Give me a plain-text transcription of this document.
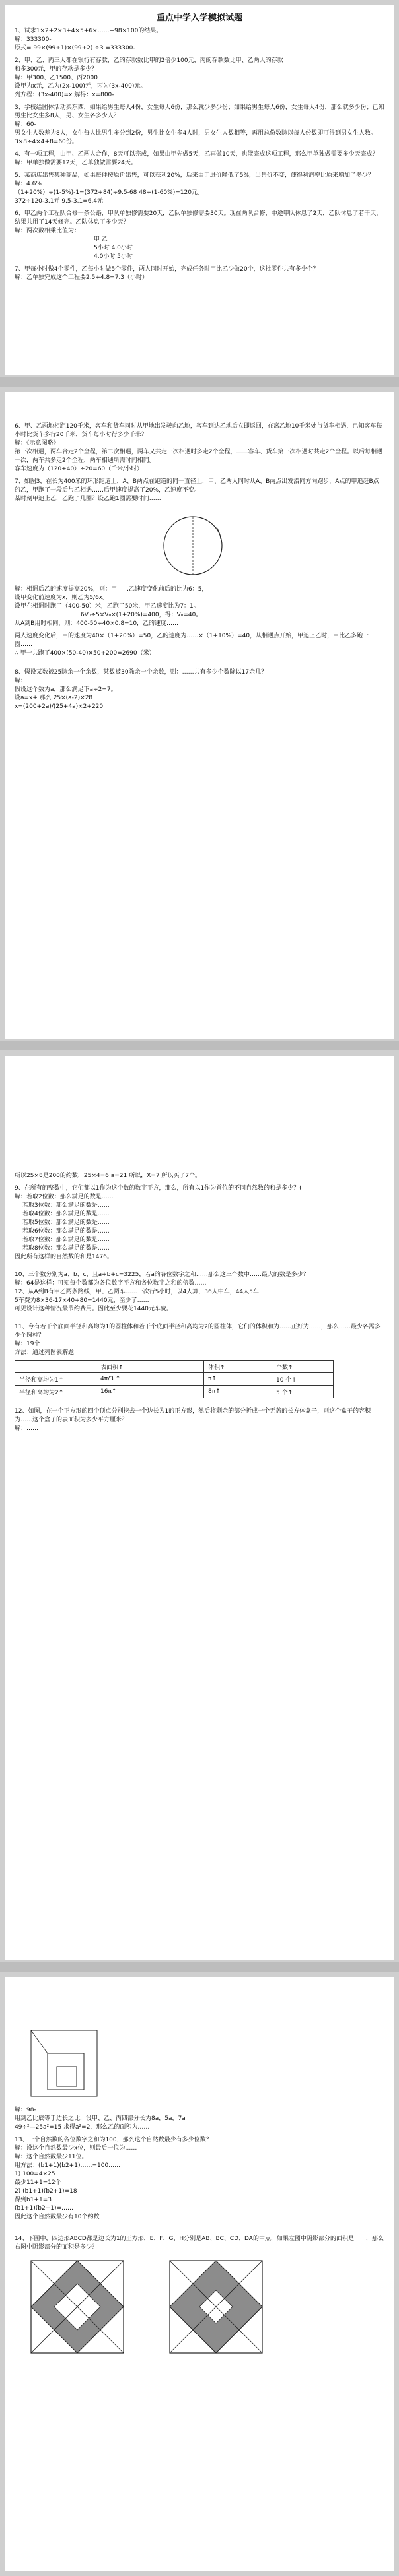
重点中学入学模拟试题

1、试求1×2+2×3+4×5+6×……+98×100的结果。

解：333300-

原式= 99×(99+1)×(99+2) ÷3 =333300-

2、甲、乙、丙三人都在银行有存款，乙的存款数比甲的2倍少100元，丙的存款数比甲、乙两人的存款

和多300元，甲的存款是多少？

解：甲300、乙1500、丙2000

设甲为x元，乙为(2x-100)元，丙为(3x-400)元。

列方程：(3x-400)=x 解得：x=800-

3、学校给团体活动买东西，如果给男生每人4份，女生每人6份，那么就少多少份；如果给男生每人6份，女生每人4份，那么就多少份；已知男生比女生多8人，男、女生各多少人？

解：60-

男女生人数差为8人，女生每人比男生多分到2份，男生比女生多4人时，男女生人数相等，再用总份数除以每人份数即可得到男女生人数。

3×8÷4×4+8=60份。

4、有一项工程，由甲、乙两人合作，8天可以完成，如果由甲先做5天，乙再做10天，也能完成这项工程，那么甲单独做需要多少天完成？

解：甲单独做需要12天，乙单独做需要24天。

5、某商店出售某种商品，如果每件按原价出售，可以获利20%，后来由于进价降低了5%，出售价不变，使得利润率比原来增加了多少？

解：4.6%

（1+20%）÷(1-5%)-1=(372+84)÷9.5-68 48÷(1-60%)=120元。

372÷120-3.1元 9.5-3.1=6.4元

6、甲乙两个工程队合修一条公路，甲队单独修需要20天，乙队单独修需要30天。现在两队合修，中途甲队休息了2天，乙队休息了若干天，结果共用了14天修完。乙队休息了多少天？

解：两次数相乘比值为：

甲 乙

5小时 4.0小时

4.0小时 5小时

7、甲每小时做4个零件，乙每小时做5个零件，两人同时开始，完成任务时甲比乙少做20个，这批零件共有多少个？

解：乙单独完成这个工程要2.5+4.8=7.3（小时）

6、甲、乙两地相距120千米，客车和货车同时从甲地出发驶向乙地，客车到达乙地后立即返回，在离乙地10千米处与货车相遇，已知客车每小时比货车多行20千米，货车每小时行多少千米？

解：《示意图略》

第一次相遇，两车合走2个全程，第二次相遇，两车又共走一次相遇时多走2个全程，……客车、货车第一次相遇时共走2个全程。以后每相遇一次，两车共多走2个全程，两车相遇所需时间相同。

客车速度为（120+40）÷20=60（千米/小时）

7、如图3，在长为400米的环形跑道上，A、B两点在跑道的同一直径上，甲、乙两人同时从A、B两点出发沿同方向跑步，A点的甲追赶B点的乙，甲跑了一段后与乙相遇……后甲速度提高了20%，乙速度不变。

某时刻甲追上乙，乙跑了几圈？设乙跑1圈需要时间……

解：相遇后乙的速度提高20%，则：甲……乙速度变化前后的比为6：5，

设甲变化前速度为x，则乙为5/6x。

设甲在相遇时跑了（400-50）米，乙跑了50米，甲乙速度比为7：1。

6V₀÷5×V₀×(1+20%)=400，得：V₀=40。

从A到B用时相同，则：400-50÷40×0.8=10，乙的速度……

两人速度变化后，甲的速度为40×（1+20%）=50，乙的速度为……×（1+10%）=40，从相遇点开始，甲追上乙时，甲比乙多跑一圈……

∴ 甲一共跑了400×(50-40)×50+200=2690（米）

8、假设某数被25除余一个余数，某数被30除余一个余数，则：……共有多少个数除以17余几？

解：

假设这个数为a，那么满足下a÷2=7。

设a=x+ 那么 25×(a-2)×28

x=(200+2a)/(25+4a)×2+220

所以25×8是200的约数，25×4=6 a=21 所以，X=7 所以买了7个。

9、在所有的整数中，它们都以1作为这个数的数字平方，那么，所有以1作为首位的不同自然数的和是多少？(

解：若取2位数：那么满足的数是……

若取3位数：那么满足的数是……

若取4位数：那么满足的数是……

若取5位数：那么满足的数是……

若取6位数：那么满足的数是……

若取7位数：那么满足的数是……

若取8位数：那么满足的数是……

因此所有这样的自然数的和是1476。

10、三个数分别为a、b、c，且a+b+c=3225，若a的各位数字之和……那么这三个数中……最大的数是多少？

解：64是这样：可知每个数都为各位数字平方和各位数字之和的倍数……

12、从A到B有甲乙两条路线，甲、乙两车……一次行5小时，以4人算，36人中车，44人5车

5车费为8×36-17×40+80=1440元，至少了……

可见设计这种情况最节约费用。因此至少要花1440元车费。

11、今有若干个底面半径和高均为1的圆柱体和若干个底面半径和高均为2的圆柱体，它们的体积和为……正好为……，那么……最少各需多少个圆柱？

解：19个

方法：通过列图表解题

	表面积↑	体积↑	个数↑
半径和高均为1↑	4π/3 ↑	π↑	10 个↑
半径和高均为2↑	16π↑	8π↑	5 个↑

12、如图，在一个正方形的四个顶点分别挖去一个边长为1的正方形，然后将剩余的部分折成一个无盖的长方体盒子，则这个盒子的容积为……这个盒子的表面积为多少平方厘米？

解：……

解：98-

用到乙比底等于边长之比，设甲、乙、丙四部分长为8a，5a，7a

49÷²—25a²=15 求得a²=2，那么乙的面积为……

13、一个自然数的各位数字之和为100，那么这个自然数最少有多少位数？

解：设这个自然数最少x位，则最后一位为……

解：这个自然数最少11位。

用方法：(b1+1)(b2+1)……=100……

1) 100=4×25

最少11+1=12个

2) (b1+1)(b2+1)=18

得到b1+1=3

(b1+1)(b2+1)=……

因此这个自然数最少有10个约数

14、下图中，四边形ABCD都是边长为1的正方形，E、F、G、H分别是AB、BC、CD、DA的中点，如果左图中阴影部分的面积是……，那么右图中阴影部分的面积是多少？
